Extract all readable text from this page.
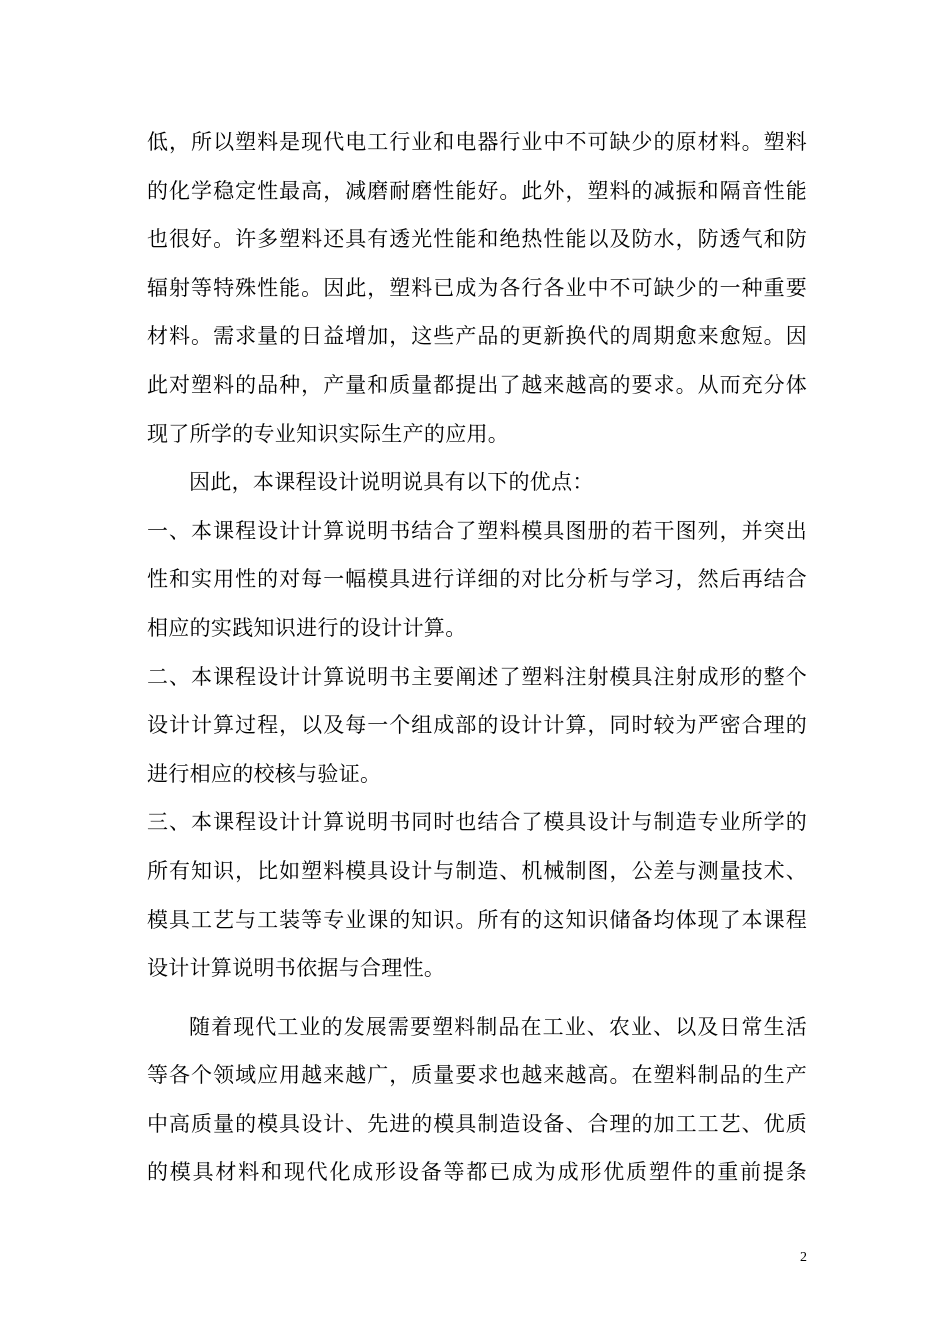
低，所以塑料是现代电工行业和电器行业中不可缺少的原材料。塑料

的化学稳定性最高，减磨耐磨性能好。此外，塑料的减振和隔音性能

也很好。许多塑料还具有透光性能和绝热性能以及防水，防透气和防

辐射等特殊性能。因此，塑料已成为各行各业中不可缺少的一种重要

材料。需求量的日益增加，这些产品的更新换代的周期愈来愈短。因

此对塑料的品种，产量和质量都提出了越来越高的要求。从而充分体

现了所学的专业知识实际生产的应用。

因此，本课程设计说明说具有以下的优点：

一、本课程设计计算说明书结合了塑料模具图册的若干图列，并突出

性和实用性的对每一幅模具进行详细的对比分析与学习，然后再结合

相应的实践知识进行的设计计算。

二、本课程设计计算说明书主要阐述了塑料注射模具注射成形的整个

设计计算过程，以及每一个组成部的设计计算，同时较为严密合理的

进行相应的校核与验证。

三、本课程设计计算说明书同时也结合了模具设计与制造专业所学的

所有知识，比如塑料模具设计与制造、机械制图，公差与测量技术、

模具工艺与工装等专业课的知识。所有的这知识储备均体现了本课程

设计计算说明书依据与合理性。

随着现代工业的发展需要塑料制品在工业、农业、以及日常生活

等各个领域应用越来越广，质量要求也越来越高。在塑料制品的生产

中高质量的模具设计、先进的模具制造设备、合理的加工工艺、优质

的模具材料和现代化成形设备等都已成为成形优质塑件的重前提条

2
